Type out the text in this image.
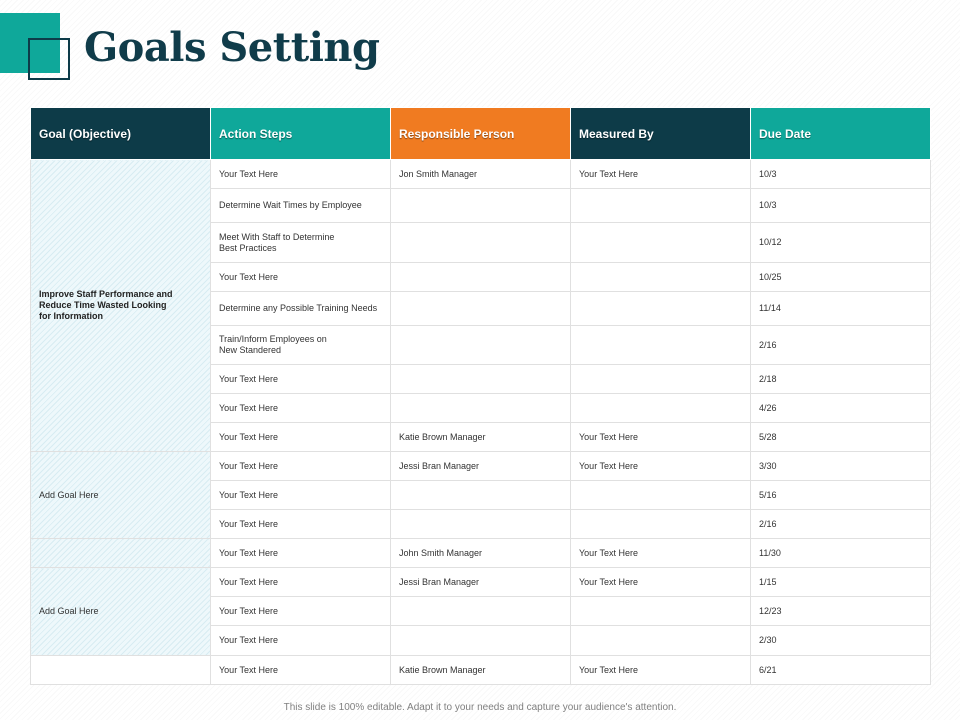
Goals Setting
Goal (Objective)	Action Steps	Responsible Person	Measured By	Due Date

Improve Staff Performance and
Reduce Time Wasted Looking
for Information	Your Text Here	Jon Smith Manager	Your Text Here	10/3
	Determine Wait Times by Employee			10/3
	Meet With Staff to Determine
Best Practices			10/12
	Your Text Here			10/25
	Determine any Possible Training Needs			11/14
	Train/Inform Employees on
New Standered			2/16
	Your Text Here			2/18
	Your Text Here			4/26
	Your Text Here	Katie Brown Manager	Your Text Here	5/28

Add Goal Here	Your Text Here	Jessi Bran Manager	Your Text Here	3/30
	Your Text Here			5/16
	Your Text Here			2/16

	Your Text Here	John Smith Manager	Your Text Here	11/30

Add Goal Here	Your Text Here	Jessi Bran Manager	Your Text Here	1/15
	Your Text Here			12/23
	Your Text Here			2/30

	Your Text Here	Katie Brown Manager	Your Text Here	6/21
This slide is 100% editable. Adapt it to your needs and capture your audience's attention.
